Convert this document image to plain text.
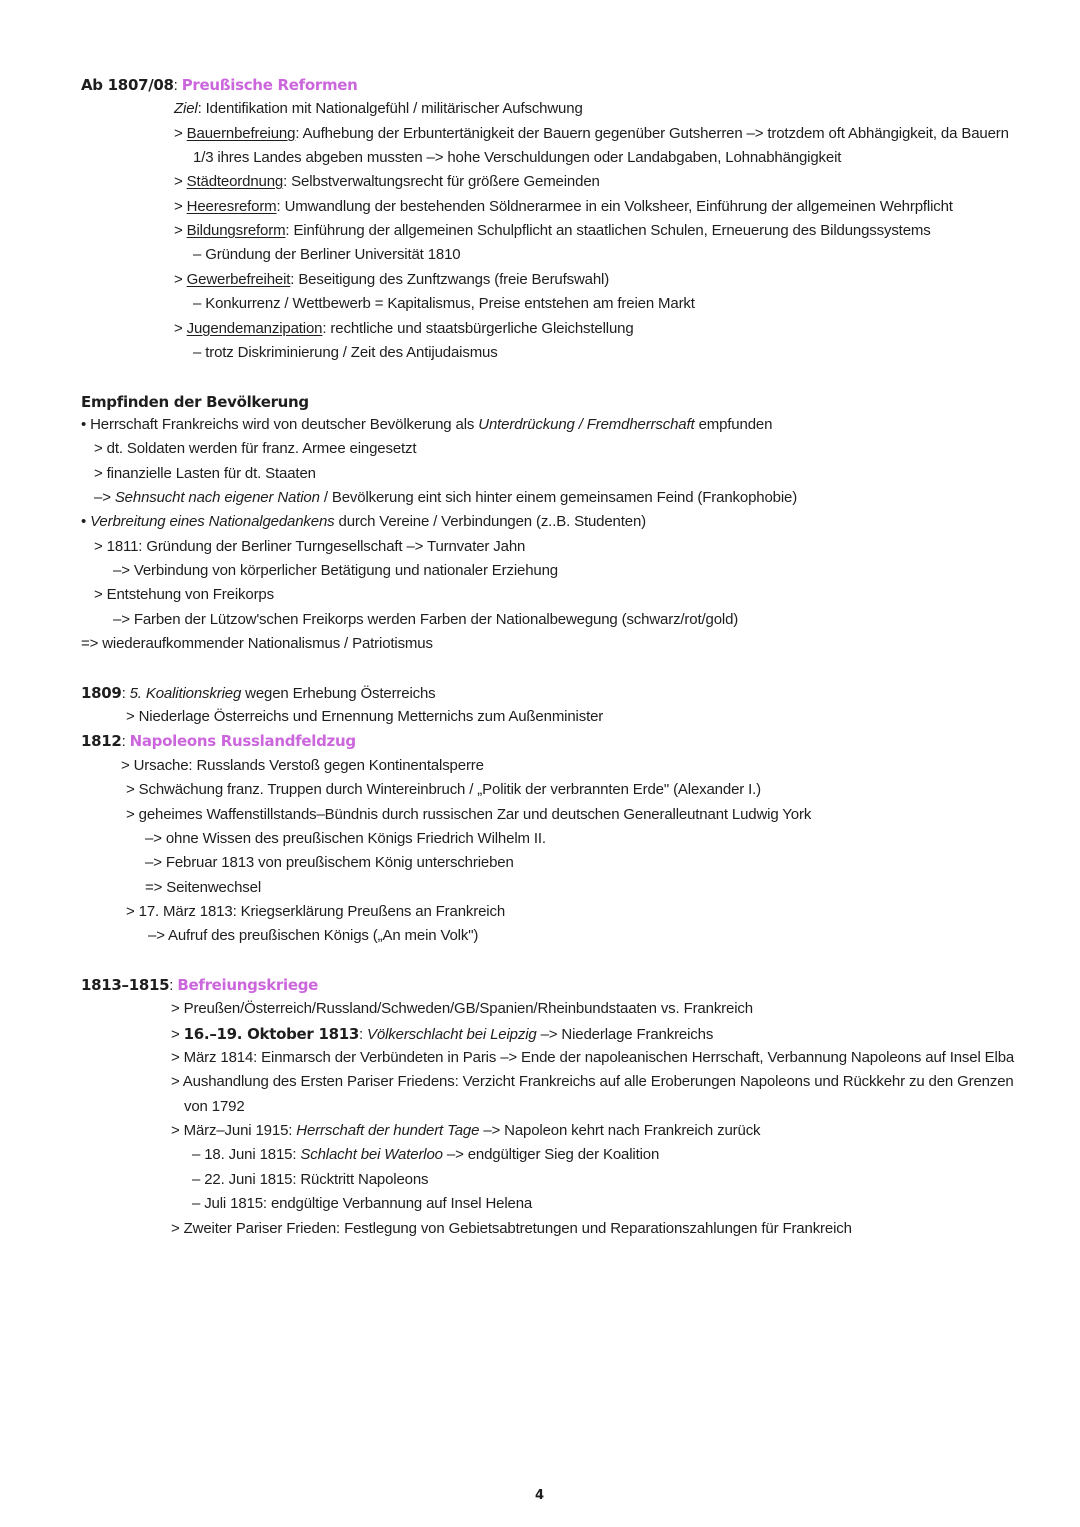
Ab 1807/08: Preußische Reformen
Ziel: Identifikation mit Nationalgefühl / militärischer Aufschwung
> Bauernbefreiung: Aufhebung der Erbuntertänigkeit der Bauern gegenüber Gutsherren –> trotzdem oft Abhängigkeit, da Bauern
1/3 ihres Landes abgeben mussten –> hohe Verschuldungen oder Landabgaben, Lohnabhängigkeit
> Städteordnung: Selbstverwaltungsrecht für größere Gemeinden
> Heeresreform: Umwandlung der bestehenden Söldnerarmee in ein Volksheer, Einführung der allgemeinen Wehrpflicht
> Bildungsreform: Einführung der allgemeinen Schulpflicht an staatlichen Schulen, Erneuerung des Bildungssystems
– Gründung der Berliner Universität 1810
> Gewerbefreiheit: Beseitigung des Zunftzwangs (freie Berufswahl)
– Konkurrenz / Wettbewerb = Kapitalismus, Preise entstehen am freien Markt
> Jugendemanzipation: rechtliche und staatsbürgerliche Gleichstellung
– trotz Diskriminierung / Zeit des Antijudaismus
Empfinden der Bevölkerung
• Herrschaft Frankreichs wird von deutscher Bevölkerung als Unterdrückung / Fremdherrschaft empfunden
> dt. Soldaten werden für franz. Armee eingesetzt
> finanzielle Lasten für dt. Staaten
–> Sehnsucht nach eigener Nation / Bevölkerung eint sich hinter einem gemeinsamen Feind (Frankophobie)
• Verbreitung eines Nationalgedankens durch Vereine / Verbindungen (z..B. Studenten)
> 1811: Gründung der Berliner Turngesellschaft –> Turnvater Jahn
–> Verbindung von körperlicher Betätigung und nationaler Erziehung
> Entstehung von Freikorps
–> Farben der Lützow'schen Freikorps werden Farben der Nationalbewegung (schwarz/rot/gold)
=> wiederaufkommender Nationalismus / Patriotismus
1809: 5. Koalitionskrieg wegen Erhebung Österreichs
> Niederlage Österreichs und Ernennung Metternichs zum Außenminister
1812: Napoleons Russlandfeldzug
> Ursache: Russlands Verstoß gegen Kontinentalsperre
> Schwächung franz. Truppen durch Wintereinbruch / „Politik der verbrannten Erde" (Alexander I.)
> geheimes Waffenstillstands–Bündnis durch russischen Zar und deutschen Generalleutnant Ludwig York
–> ohne Wissen des preußischen Königs Friedrich Wilhelm II.
–> Februar 1813 von preußischem König unterschrieben
=> Seitenwechsel
> 17. März 1813: Kriegserklärung Preußens an Frankreich
–> Aufruf des preußischen Königs („An mein Volk")
1813–1815: Befreiungskriege
> Preußen/Österreich/Russland/Schweden/GB/Spanien/Rheinbundstaaten vs. Frankreich
> 16.–19. Oktober 1813: Völkerschlacht bei Leipzig –> Niederlage Frankreichs
> März 1814: Einmarsch der Verbündeten in Paris –> Ende der napoleanischen Herrschaft, Verbannung Napoleons auf Insel Elba
> Aushandlung des Ersten Pariser Friedens: Verzicht Frankreichs auf alle Eroberungen Napoleons und Rückkehr zu den Grenzen
von 1792
> März–Juni 1915: Herrschaft der hundert Tage –> Napoleon kehrt nach Frankreich zurück
– 18. Juni 1815: Schlacht bei Waterloo –> endgültiger Sieg der Koalition
– 22. Juni 1815: Rücktritt Napoleons
– Juli 1815: endgültige Verbannung auf Insel Helena
> Zweiter Pariser Frieden: Festlegung von Gebietsabtretungen und Reparationszahlungen für Frankreich
4
